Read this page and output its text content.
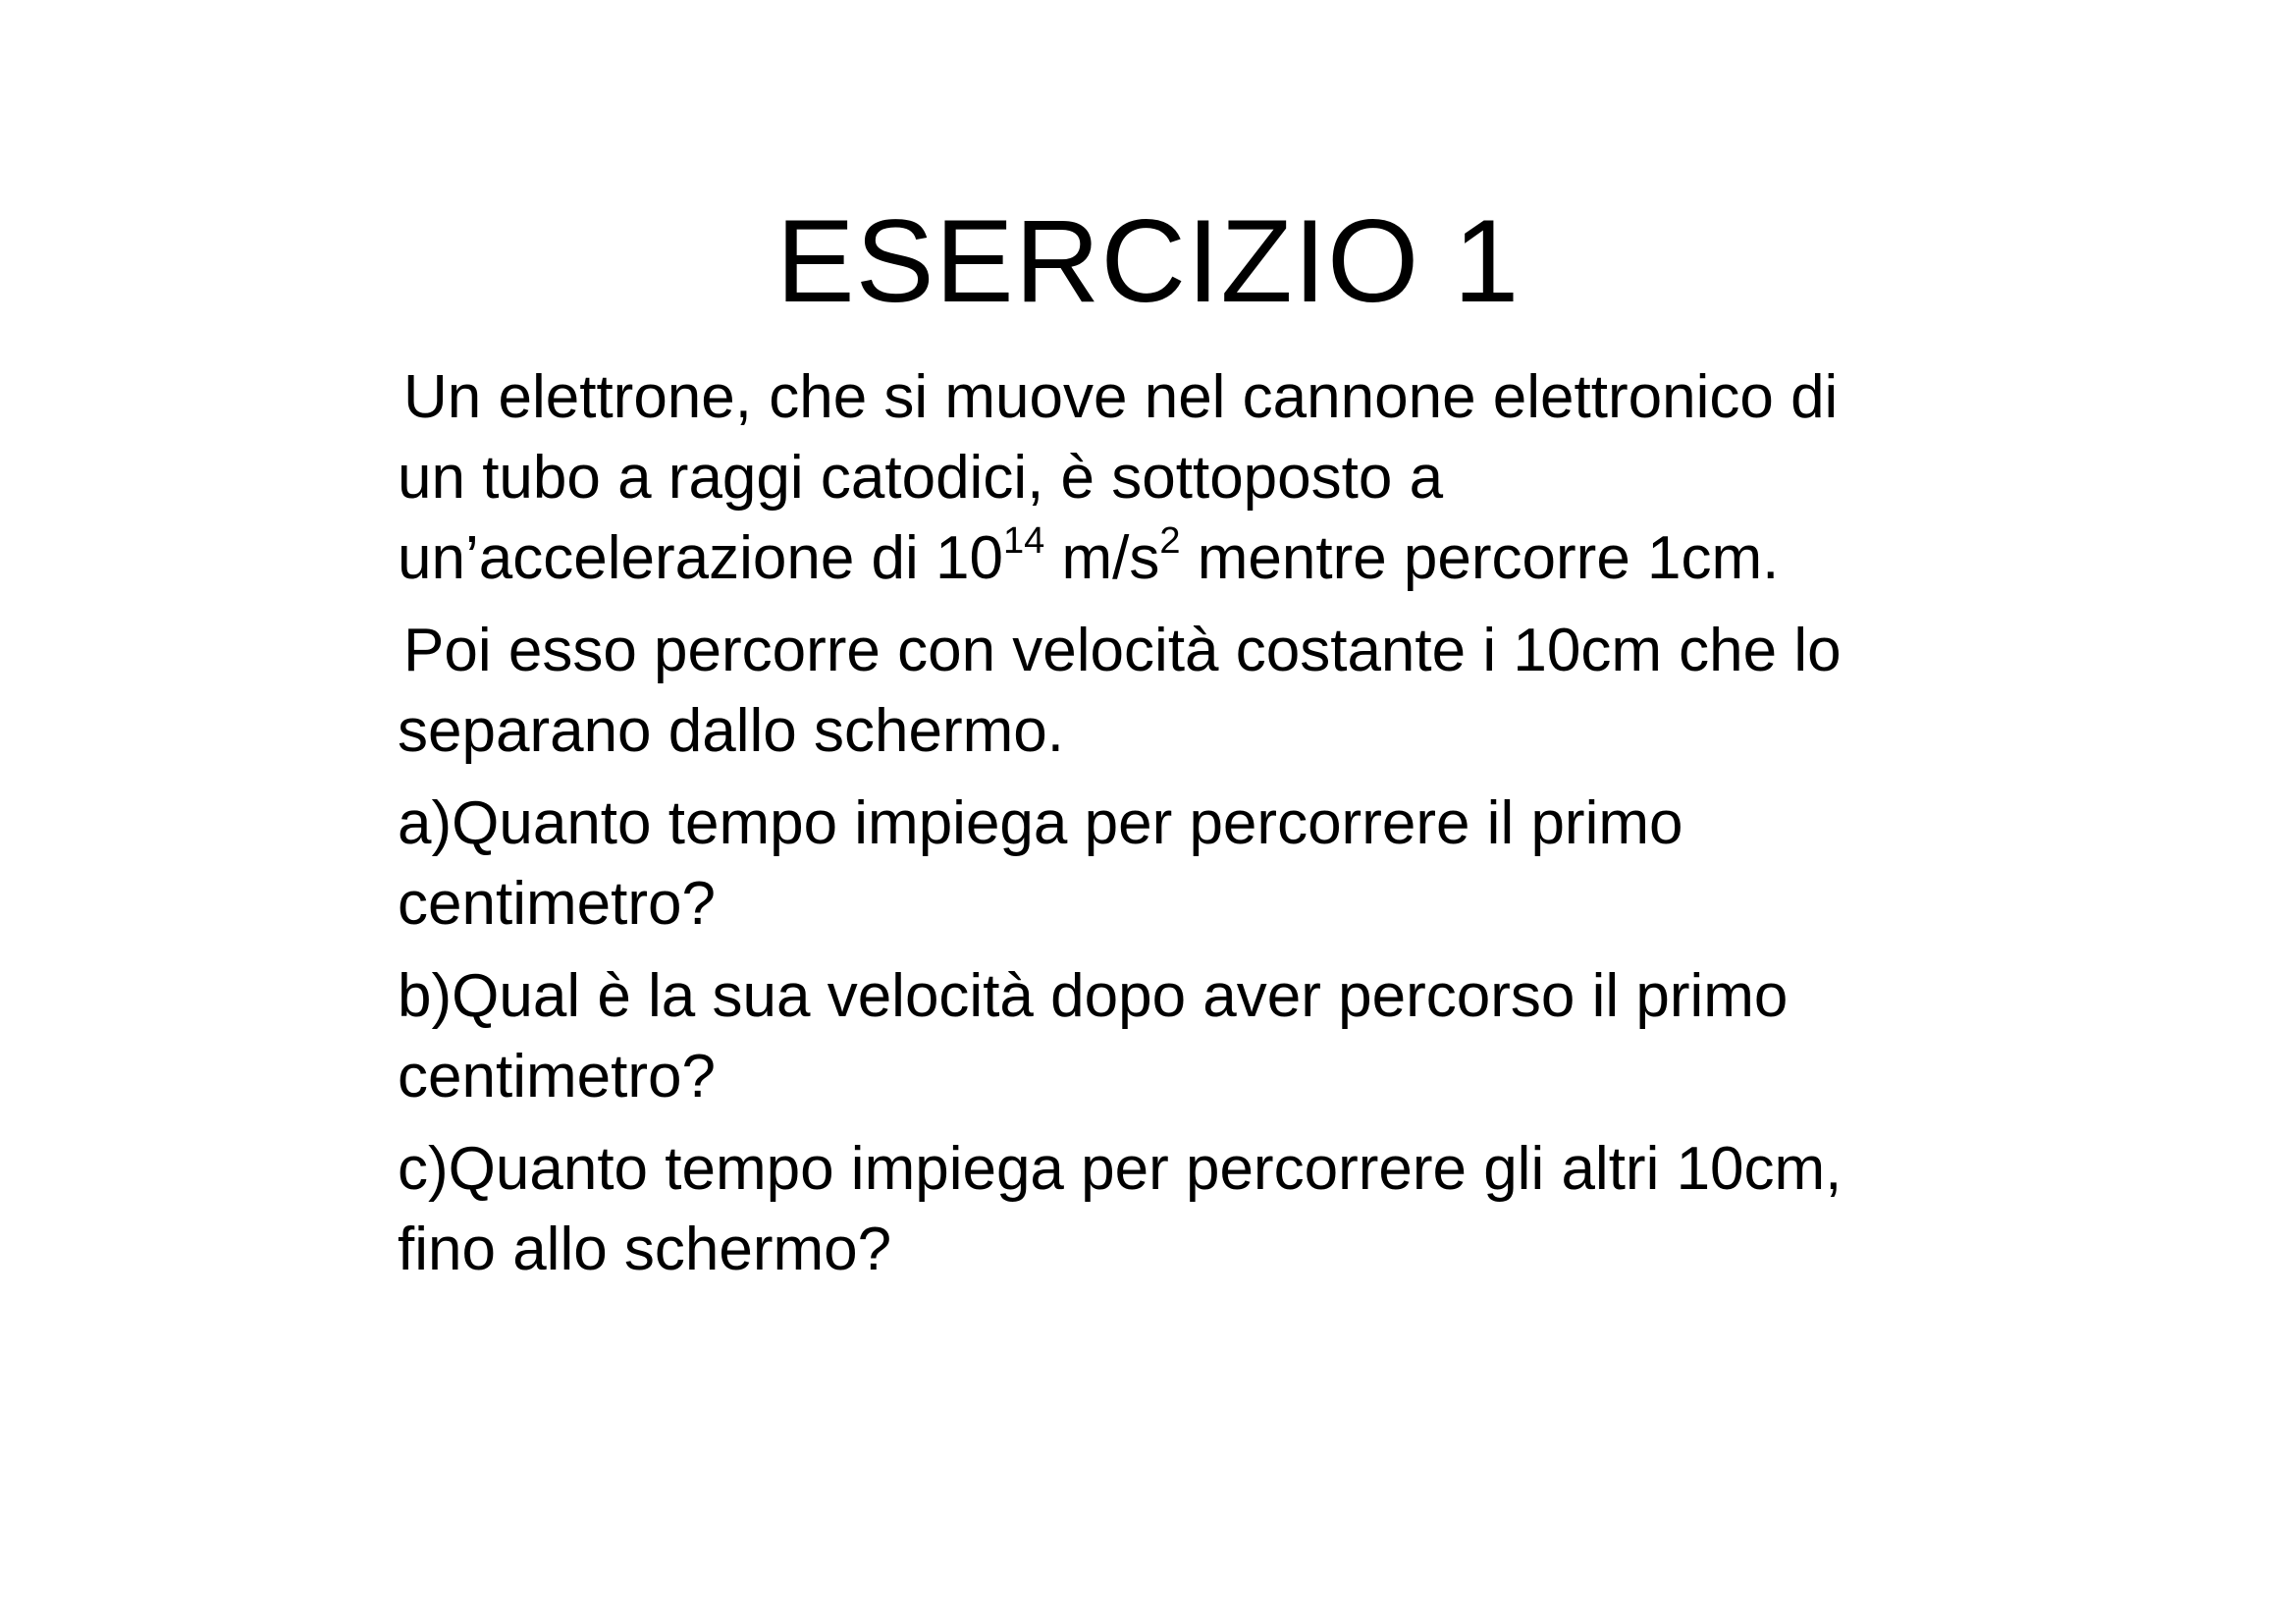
ESERCIZIO 1

Un elettrone, che si muove nel cannone elettronico di
un tubo a raggi catodici, è sottoposto a
un’accelerazione di $10^{14}$ $m/s^2$ mentre percorre 1cm.

Poi esso percorre con velocità costante i 10cm che lo
separano dallo schermo.

a)Quanto tempo impiega per percorrere il primo
centimetro?

b)Qual è la sua velocità dopo aver percorso il primo
centimetro?

c)Quanto tempo impiega per percorrere gli altri 10cm,
fino allo schermo?
